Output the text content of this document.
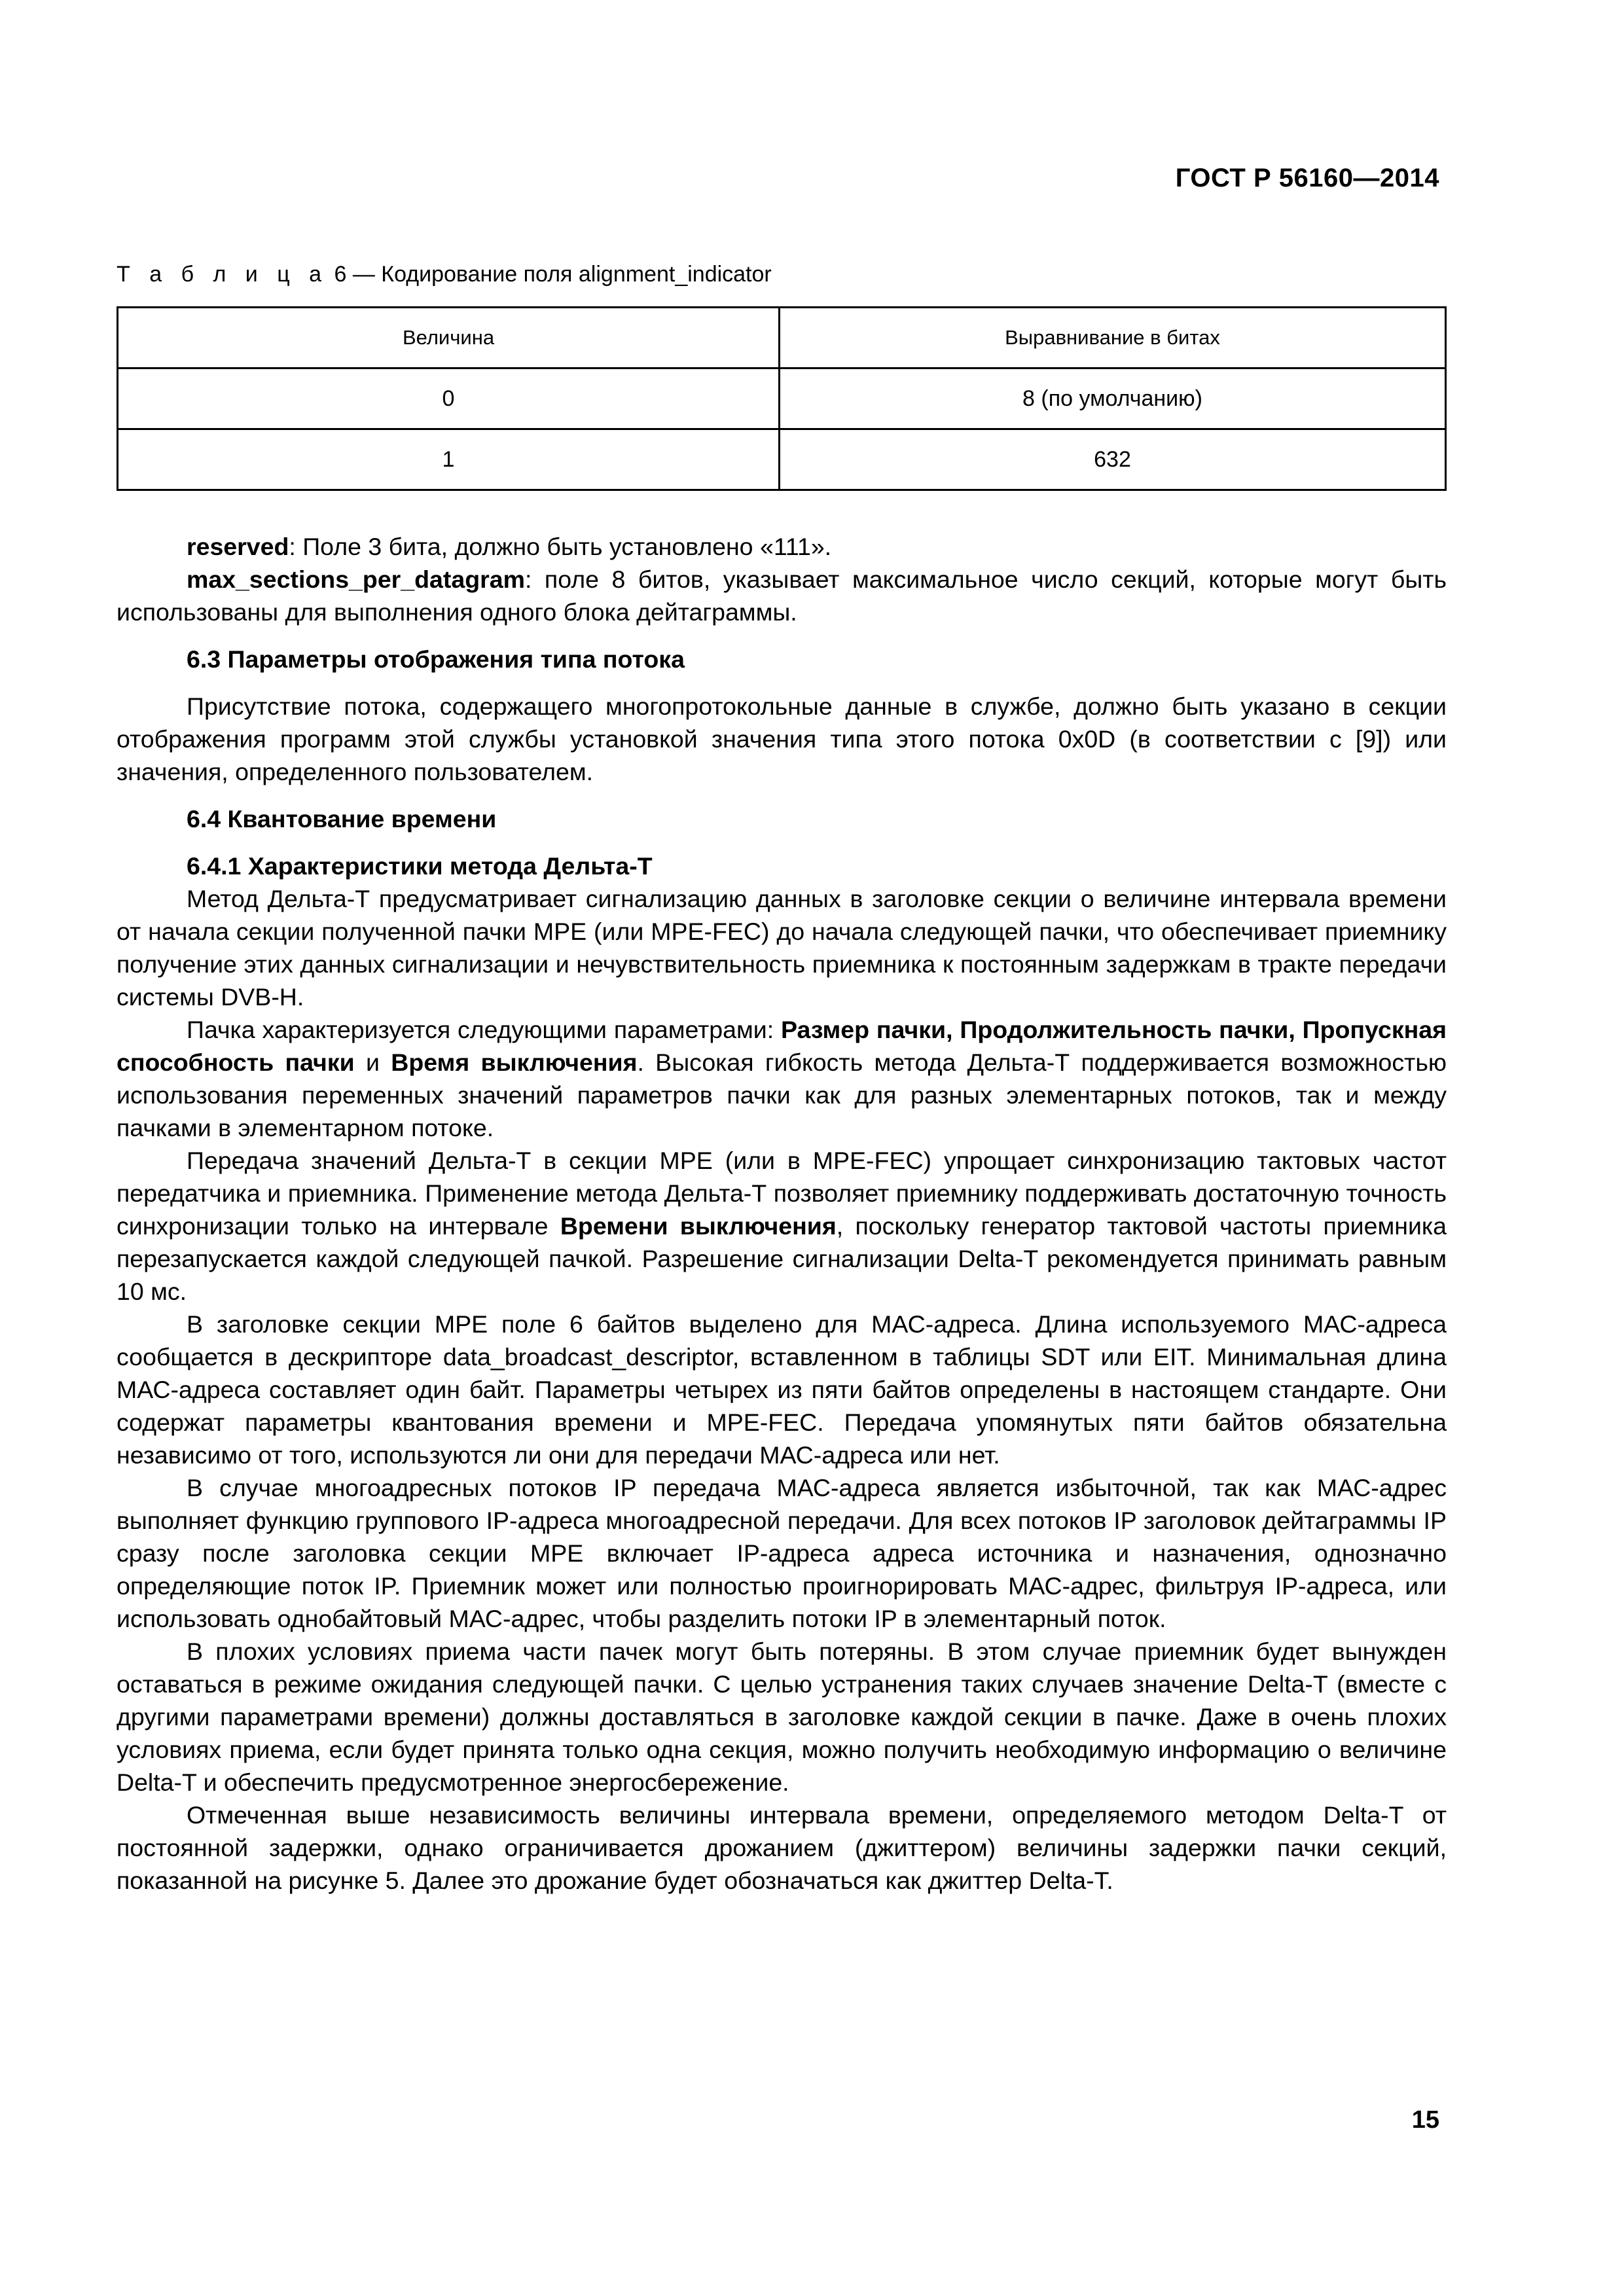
ГОСТ Р 56160—2014
Т а б л и ц а 6 — Кодирование поля alignment_indicator
Величина	Выравнивание в битах
0	8 (по умолчанию)
1	632

reserved: Поле 3 бита, должно быть установлено «111».

max_sections_per_datagram: поле 8 битов, указывает максимальное число секций, которые могут быть использованы для выполнения одного блока дейтаграммы.

6.3 Параметры отображения типа потока

Присутствие потока, содержащего многопротокольные данные в службе, должно быть указано в секции отображения программ этой службы установкой значения типа этого потока 0x0D (в соответствии с [9]) или значения, определенного пользователем.

6.4 Квантование времени
6.4.1 Характеристики метода Дельта-Т

Метод Дельта-Т предусматривает сигнализацию данных в заголовке секции о величине интервала времени от начала секции полученной пачки МРЕ (или МРЕ-FEC) до начала следующей пачки, что обеспечивает приемнику получение этих данных сигнализации и нечувствительность приемника к постоянным задержкам в тракте передачи системы DVB-H.

Пачка характеризуется следующими параметрами: Размер пачки, Продолжительность пачки, Пропускная способность пачки и Время выключения. Высокая гибкость метода Дельта-Т поддерживается возможностью использования переменных значений параметров пачки как для разных элементарных потоков, так и между пачками в элементарном потоке.

Передача значений Дельта-Т в секции МРЕ (или в МРЕ-FEC) упрощает синхронизацию тактовых частот передатчика и приемника. Применение метода Дельта-Т позволяет приемнику поддерживать достаточную точность синхронизации только на интервале Времени выключения, поскольку генератор тактовой частоты приемника перезапускается каждой следующей пачкой. Разрешение сигнализации Delta-T рекомендуется принимать равным 10 мс.

В заголовке секции МРЕ поле 6 байтов выделено для МАС-адреса. Длина используемого МАС-адреса сообщается в дескрипторе data_broadcast_descriptor, вставленном в таблицы SDT или EIT. Минимальная длина МАС-адреса составляет один байт. Параметры четырех из пяти байтов определены в настоящем стандарте. Они содержат параметры квантования времени и МРЕ-FEC. Передача упомянутых пяти байтов обязательна независимо от того, используются ли они для передачи МАС-адреса или нет.

В случае многоадресных потоков IP передача МАС-адреса является избыточной, так как МАС-адрес выполняет функцию группового IP-адреса многоадресной передачи. Для всех потоков IP заголовок дейтаграммы IP сразу после заголовка секции МРЕ включает IP-адреса адреса источника и назначения, однозначно определяющие поток IP. Приемник может или полностью проигнорировать МАС-адрес, фильтруя IP-адреса, или использовать однобайтовый МАС-адрес, чтобы разделить потоки IP в элементарный поток.

В плохих условиях приема части пачек могут быть потеряны. В этом случае приемник будет вынужден оставаться в режиме ожидания следующей пачки. С целью устранения таких случаев значение Delta-T (вместе с другими параметрами времени) должны доставляться в заголовке каждой секции в пачке. Даже в очень плохих условиях приема, если будет принята только одна секция, можно получить необходимую информацию о величине Delta-T и обеспечить предусмотренное энергосбережение.

Отмеченная выше независимость величины интервала времени, определяемого методом Delta-T от постоянной задержки, однако ограничивается дрожанием (джиттером) величины задержки пачки секций, показанной на рисунке 5. Далее это дрожание будет обозначаться как джиттер Delta-T.

15
